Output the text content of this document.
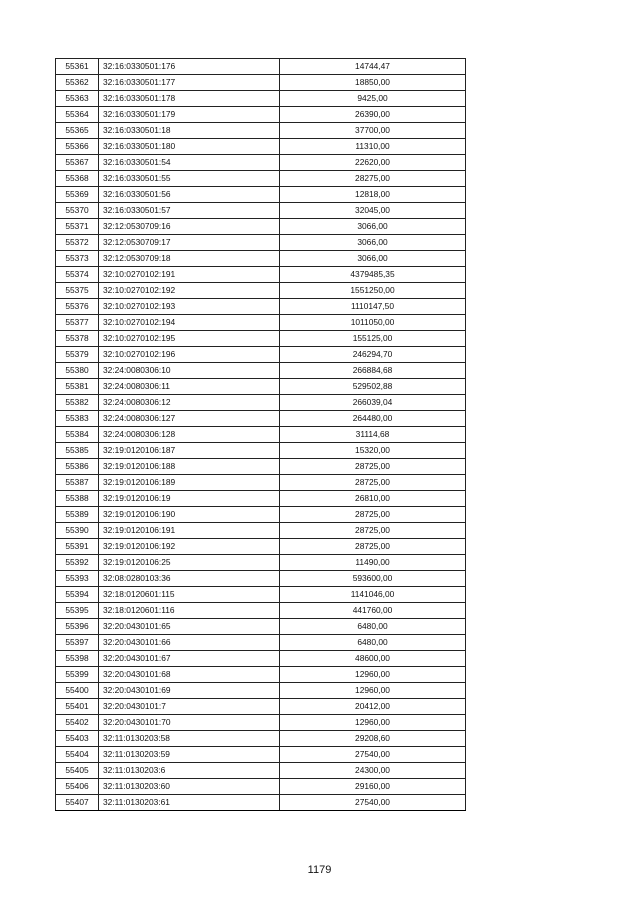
55361	32:16:0330501:176	14744,47
55362	32:16:0330501:177	18850,00
55363	32:16:0330501:178	9425,00
55364	32:16:0330501:179	26390,00
55365	32:16:0330501:18	37700,00
55366	32:16:0330501:180	11310,00
55367	32:16:0330501:54	22620,00
55368	32:16:0330501:55	28275,00
55369	32:16:0330501:56	12818,00
55370	32:16:0330501:57	32045,00
55371	32:12:0530709:16	3066,00
55372	32:12:0530709:17	3066,00
55373	32:12:0530709:18	3066,00
55374	32:10:0270102:191	4379485,35
55375	32:10:0270102:192	1551250,00
55376	32:10:0270102:193	1110147,50
55377	32:10:0270102:194	1011050,00
55378	32:10:0270102:195	155125,00
55379	32:10:0270102:196	246294,70
55380	32:24:0080306:10	266884,68
55381	32:24:0080306:11	529502,88
55382	32:24:0080306:12	266039,04
55383	32:24:0080306:127	264480,00
55384	32:24:0080306:128	31114,68
55385	32:19:0120106:187	15320,00
55386	32:19:0120106:188	28725,00
55387	32:19:0120106:189	28725,00
55388	32:19:0120106:19	26810,00
55389	32:19:0120106:190	28725,00
55390	32:19:0120106:191	28725,00
55391	32:19:0120106:192	28725,00
55392	32:19:0120106:25	11490,00
55393	32:08:0280103:36	593600,00
55394	32:18:0120601:115	1141046,00
55395	32:18:0120601:116	441760,00
55396	32:20:0430101:65	6480,00
55397	32:20:0430101:66	6480,00
55398	32:20:0430101:67	48600,00
55399	32:20:0430101:68	12960,00
55400	32:20:0430101:69	12960,00
55401	32:20:0430101:7	20412,00
55402	32:20:0430101:70	12960,00
55403	32:11:0130203:58	29208,60
55404	32:11:0130203:59	27540,00
55405	32:11:0130203:6	24300,00
55406	32:11:0130203:60	29160,00
55407	32:11:0130203:61	27540,00
1179
